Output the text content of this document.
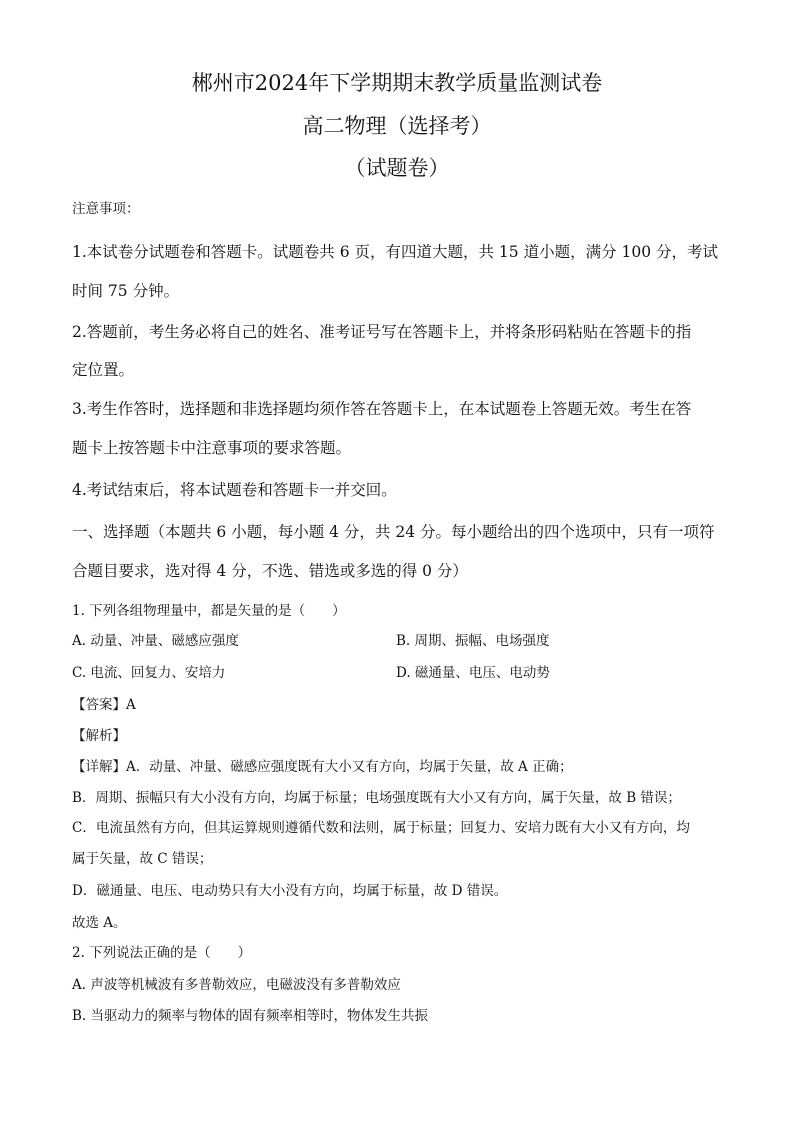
郴州市2024年下学期期末教学质量监测试卷
高二物理（选择考）
（试题卷）
注意事项：
1.本试卷分试题卷和答题卡。试题卷共 6 页，有四道大题，共 15 道小题，满分 100 分，考试
时间 75 分钟。
2.答题前，考生务必将自己的姓名、准考证号写在答题卡上，并将条形码粘贴在答题卡的指
定位置。
3.考生作答时，选择题和非选择题均须作答在答题卡上，在本试题卷上答题无效。考生在答
题卡上按答题卡中注意事项的要求答题。
4.考试结束后，将本试题卷和答题卡一并交回。
一、选择题（本题共 6 小题，每小题 4 分，共 24 分。每小题给出的四个选项中，只有一项符
合题目要求，选对得 4 分，不选、错选或多选的得 0 分）
1. 下列各组物理量中，都是矢量的是（　　）
A. 动量、冲量、磁感应强度	B. 周期、振幅、电场强度
C. 电流、回复力、安培力	D. 磁通量、电压、电动势
【答案】A
【解析】
【详解】A．动量、冲量、磁感应强度既有大小又有方向，均属于矢量，故 A 正确；
B．周期、振幅只有大小没有方向，均属于标量；电场强度既有大小又有方向，属于矢量，故 B 错误；
C．电流虽然有方向，但其运算规则遵循代数和法则，属于标量；回复力、安培力既有大小又有方向，均
属于矢量，故 C 错误；
D．磁通量、电压、电动势只有大小没有方向，均属于标量，故 D 错误。
故选 A。
2. 下列说法正确的是（　　）
A. 声波等机械波有多普勒效应，电磁波没有多普勒效应
B. 当驱动力的频率与物体的固有频率相等时，物体发生共振
